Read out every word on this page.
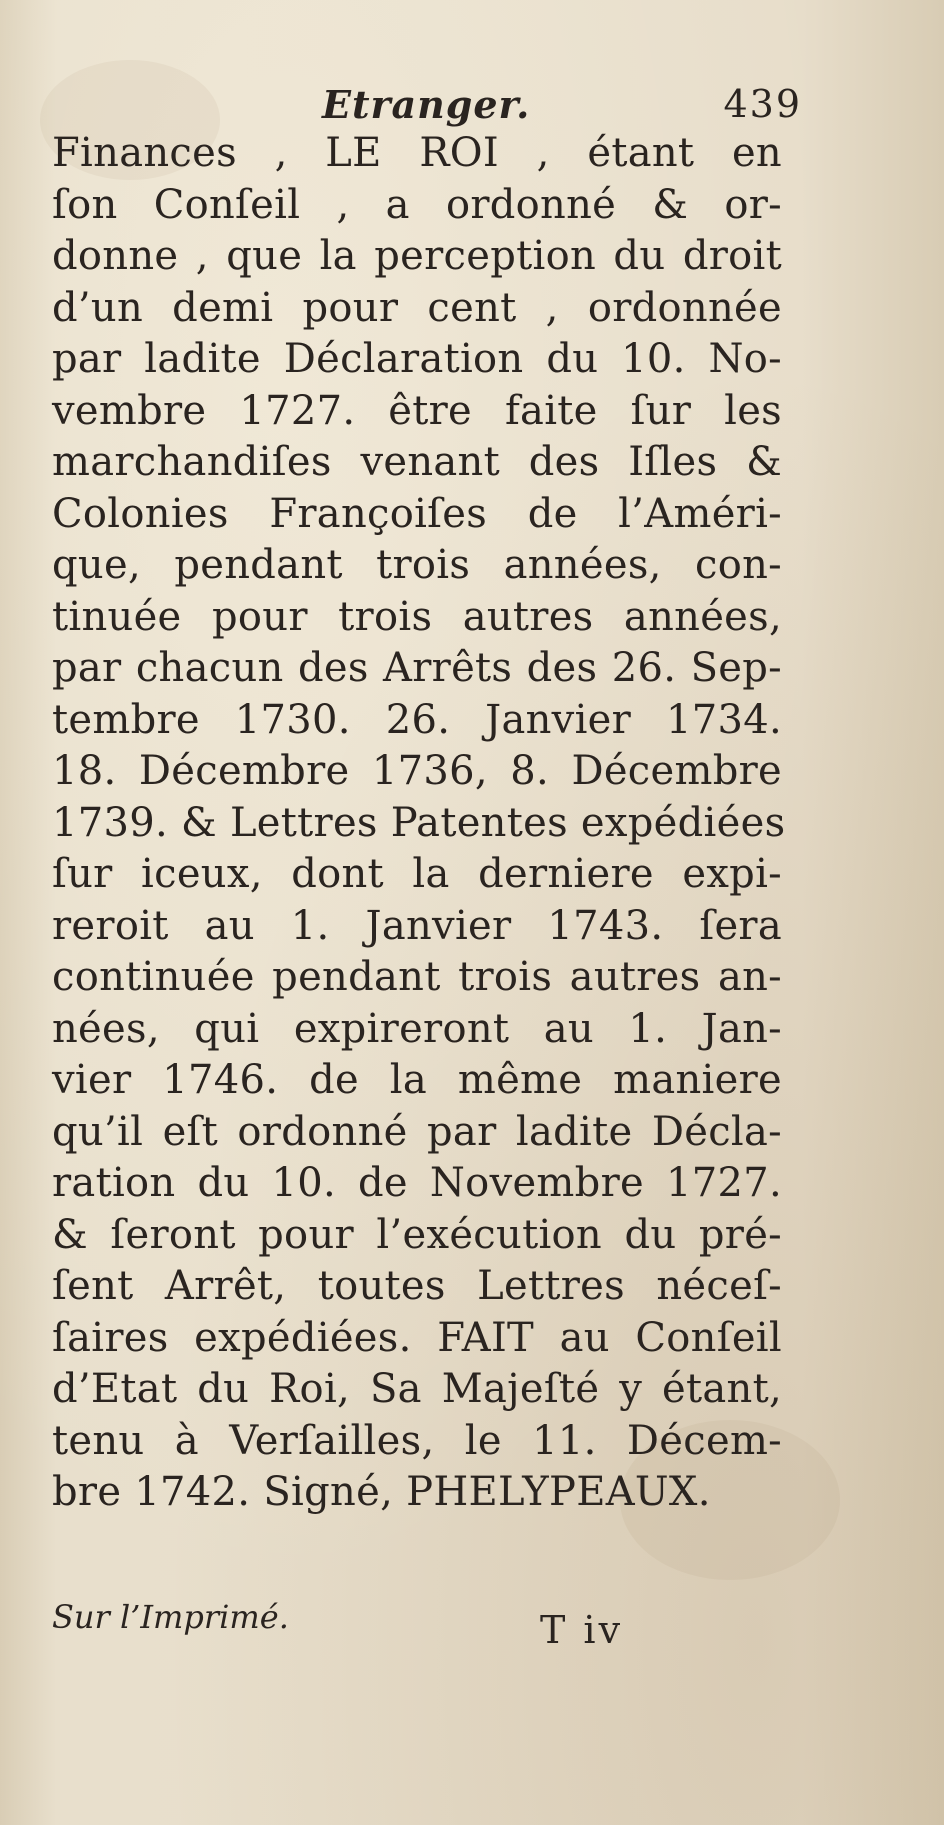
Etranger.	439
Finances , LE ROI , étant en
ſon Conſeil , a ordonné & or-
donne , que la perception du droit
d’un demi pour cent , ordonnée
par ladite Déclaration du 10. No-
vembre 1727. être faite ſur les
marchandiſes venant des Iſles &
Colonies Françoiſes de l’Améri-
que, pendant trois années, con-
tinuée pour trois autres années,
par chacun des Arrêts des 26. Sep-
tembre 1730. 26. Janvier 1734.
18. Décembre 1736, 8. Décembre
1739. & Lettres Patentes expédiées
ſur iceux, dont la derniere expi-
reroit au 1. Janvier 1743. ſera
continuée pendant trois autres an-
nées, qui expireront au 1. Jan-
vier 1746. de la même maniere
qu’il eſt ordonné par ladite Décla-
ration du 10. de Novembre 1727.
& ſeront pour l’exécution du pré-
ſent Arrêt, toutes Lettres néceſ-
ſaires expédiées. FAIT au Conſeil
d’Etat du Roi, Sa Majeſté y étant,
tenu à Verſailles, le 11. Décem-
bre 1742. Signé, PHELYPEAUX.
Sur l’Imprimé.	T iv
